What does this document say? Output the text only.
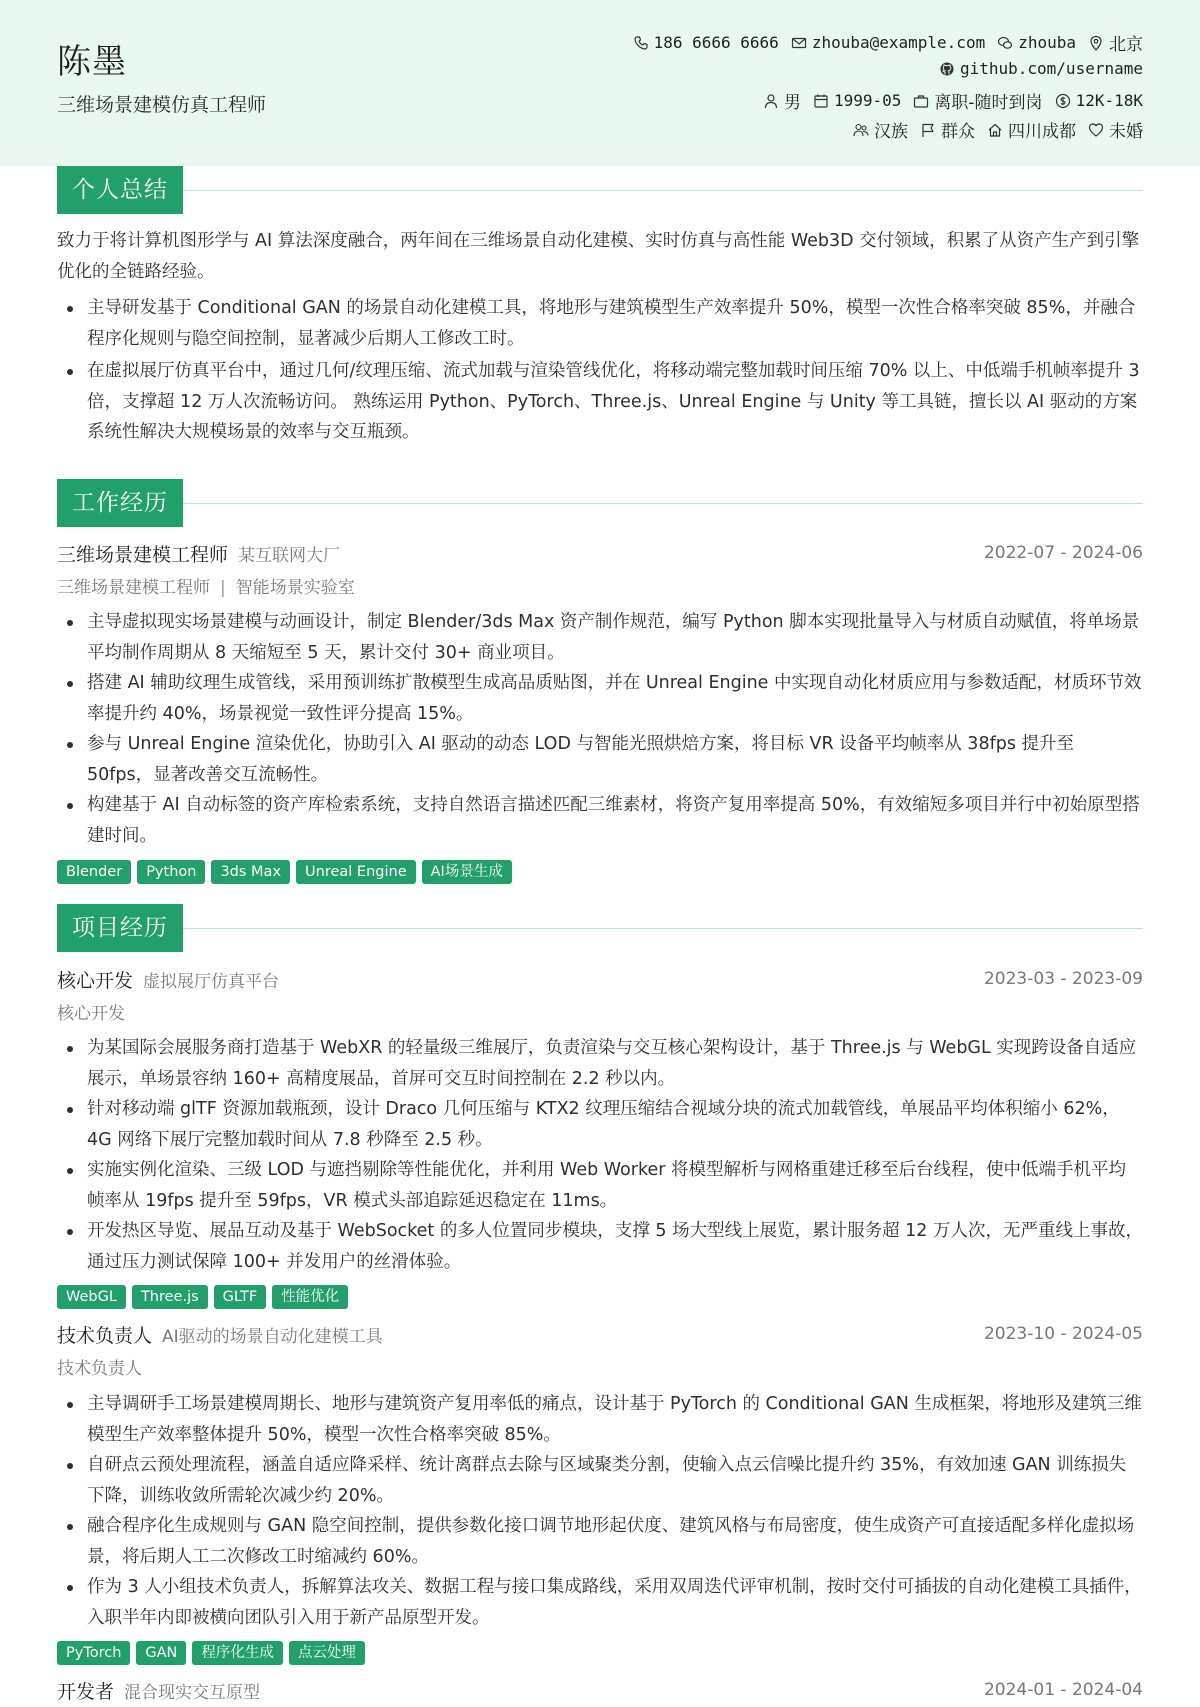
陈墨
三维场景建模仿真工程师
186 6666 6666 zhouba@example.com zhouba 北京
github.com/username
男 1999-05 离职-随时到岗 12K-18K
汉族 群众 四川成都 未婚
个人总结

致力于将计算机图形学与 AI 算法深度融合，两年间在三维场景自动化建模、实时仿真与高性能 Web3D 交付领域，积累了从资产生产到引擎优化的全链路经验。

主导研发基于 Conditional GAN 的场景自动化建模工具，将地形与建筑模型生产效率提升 50%，模型一次性合格率突破 85%，并融合程序化规则与隐空间控制，显著减少后期人工修改工时。
在虚拟展厅仿真平台中，通过几何/纹理压缩、流式加载与渲染管线优化，将移动端完整加载时间压缩 70% 以上、中低端手机帧率提升 3 倍，支撑超 12 万人次流畅访问。 熟练运用 Python、PyTorch、Three.js、Unreal Engine 与 Unity 等工具链，擅长以 AI 驱动的方案系统性解决大规模场景的效率与交互瓶颈。
工作经历
三维场景建模工程师 某互联网大厂	2022-07 - 2024-06
三维场景建模工程师 | 智能场景实验室
主导虚拟现实场景建模与动画设计，制定 Blender/3ds Max 资产制作规范，编写 Python 脚本实现批量导入与材质自动赋值，将单场景平均制作周期从 8 天缩短至 5 天，累计交付 30+ 商业项目。
搭建 AI 辅助纹理生成管线，采用预训练扩散模型生成高品质贴图，并在 Unreal Engine 中实现自动化材质应用与参数适配，材质环节效率提升约 40%，场景视觉一致性评分提高 15%。
参与 Unreal Engine 渲染优化，协助引入 AI 驱动的动态 LOD 与智能光照烘焙方案，将目标 VR 设备平均帧率从 38fps 提升至 50fps，显著改善交互流畅性。
构建基于 AI 自动标签的资产库检索系统，支持自然语言描述匹配三维素材，将资产复用率提高 50%，有效缩短多项目并行中初始原型搭建时间。
Blender	Python	3ds Max	Unreal Engine	AI场景生成
项目经历
核心开发 虚拟展厅仿真平台	2023-03 - 2023-09
核心开发
为某国际会展服务商打造基于 WebXR 的轻量级三维展厅，负责渲染与交互核心架构设计，基于 Three.js 与 WebGL 实现跨设备自适应展示，单场景容纳 160+ 高精度展品，首屏可交互时间控制在 2.2 秒以内。
针对移动端 glTF 资源加载瓶颈，设计 Draco 几何压缩与 KTX2 纹理压缩结合视域分块的流式加载管线，单展品平均体积缩小 62%，4G 网络下展厅完整加载时间从 7.8 秒降至 2.5 秒。
实施实例化渲染、三级 LOD 与遮挡剔除等性能优化，并利用 Web Worker 将模型解析与网格重建迁移至后台线程，使中低端手机平均帧率从 19fps 提升至 59fps，VR 模式头部追踪延迟稳定在 11ms。
开发热区导览、展品互动及基于 WebSocket 的多人位置同步模块，支撑 5 场大型线上展览，累计服务超 12 万人次，无严重线上事故，通过压力测试保障 100+ 并发用户的丝滑体验。
WebGL	Three.js	GLTF	性能优化
技术负责人 AI驱动的场景自动化建模工具	2023-10 - 2024-05
技术负责人
主导调研手工场景建模周期长、地形与建筑资产复用率低的痛点，设计基于 PyTorch 的 Conditional GAN 生成框架，将地形及建筑三维模型生产效率整体提升 50%，模型一次性合格率突破 85%。
自研点云预处理流程，涵盖自适应降采样、统计离群点去除与区域聚类分割，使输入点云信噪比提升约 35%，有效加速 GAN 训练损失下降，训练收敛所需轮次减少约 20%。
融合程序化生成规则与 GAN 隐空间控制，提供参数化接口调节地形起伏度、建筑风格与布局密度，使生成资产可直接适配多样化虚拟场景，将后期人工二次修改工时缩减约 60%。
作为 3 人小组技术负责人，拆解算法攻关、数据工程与接口集成路线，采用双周迭代评审机制，按时交付可插拔的自动化建模工具插件，入职半年内即被横向团队引入用于新产品原型开发。
PyTorch	GAN	程序化生成	点云处理
开发者 混合现实交互原型	2024-01 - 2024-04
